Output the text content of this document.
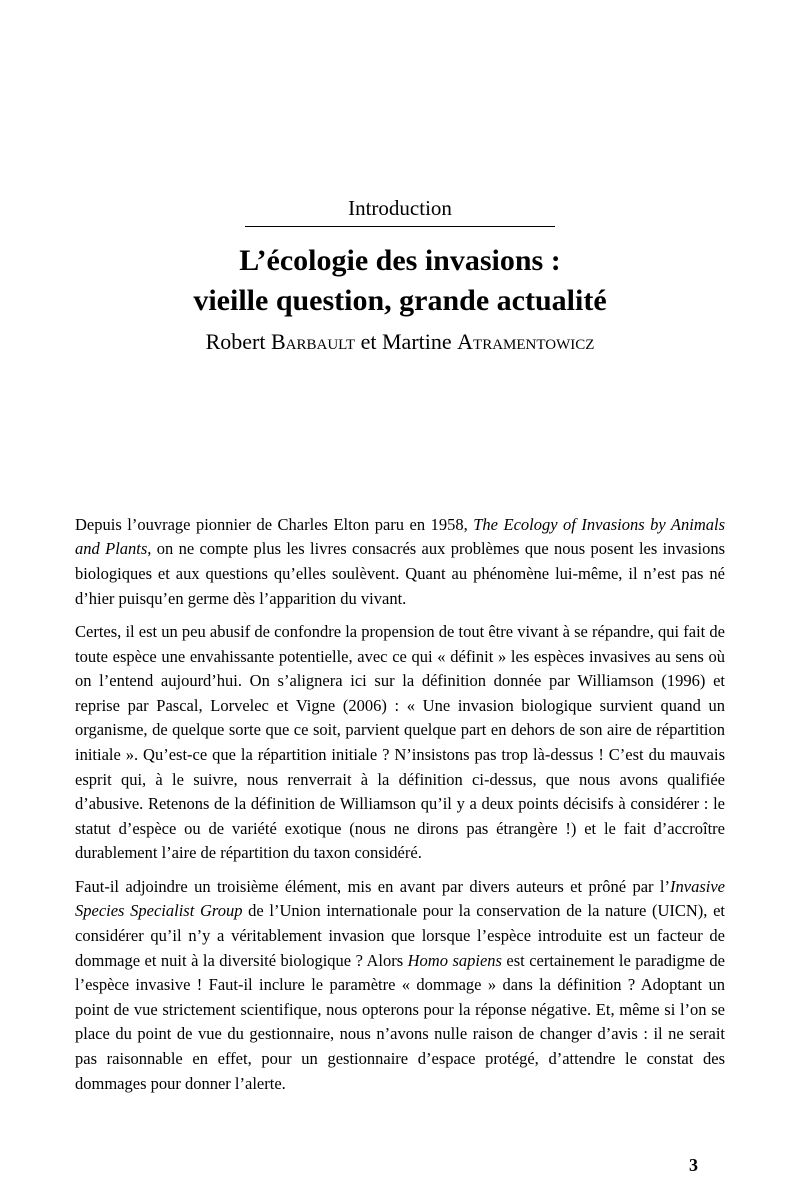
Introduction
L’écologie des invasions :
vieille question, grande actualité
Robert Barbault et Martine Atramentowicz

Depuis l’ouvrage pionnier de Charles Elton paru en 1958, The Ecology of Invasions by Animals and Plants, on ne compte plus les livres consacrés aux problèmes que nous posent les invasions biologiques et aux questions qu’elles soulèvent. Quant au phénomène lui-même, il n’est pas né d’hier puisqu’en germe dès l’apparition du vivant.

Certes, il est un peu abusif de confondre la propension de tout être vivant à se répandre, qui fait de toute espèce une envahissante potentielle, avec ce qui « définit » les espèces invasives au sens où on l’entend aujourd’hui. On s’alignera ici sur la définition donnée par Williamson (1996) et reprise par Pascal, Lorvelec et Vigne (2006) : « Une invasion biologique survient quand un organisme, de quelque sorte que ce soit, parvient quelque part en dehors de son aire de répartition initiale ». Qu’est-ce que la répartition initiale ? N’insistons pas trop là-dessus ! C’est du mauvais esprit qui, à le suivre, nous renverrait à la définition ci-dessus, que nous avons qualifiée d’abusive. Retenons de la définition de Williamson qu’il y a deux points décisifs à considérer : le statut d’espèce ou de variété exotique (nous ne dirons pas étrangère !) et le fait d’accroître durablement l’aire de répartition du taxon considéré.

Faut-il adjoindre un troisième élément, mis en avant par divers auteurs et prôné par l’Invasive Species Specialist Group de l’Union internationale pour la conservation de la nature (UICN), et considérer qu’il n’y a véritablement invasion que lorsque l’espèce introduite est un facteur de dommage et nuit à la diversité biologique ? Alors Homo sapiens est certainement le paradigme de l’espèce invasive ! Faut-il inclure le paramètre « dommage » dans la définition ? Adoptant un point de vue strictement scientifique, nous opterons pour la réponse négative. Et, même si l’on se place du point de vue du gestionnaire, nous n’avons nulle raison de changer d’avis : il ne serait pas raisonnable en effet, pour un gestionnaire d’espace protégé, d’attendre le constat des dommages pour donner l’alerte.

3
